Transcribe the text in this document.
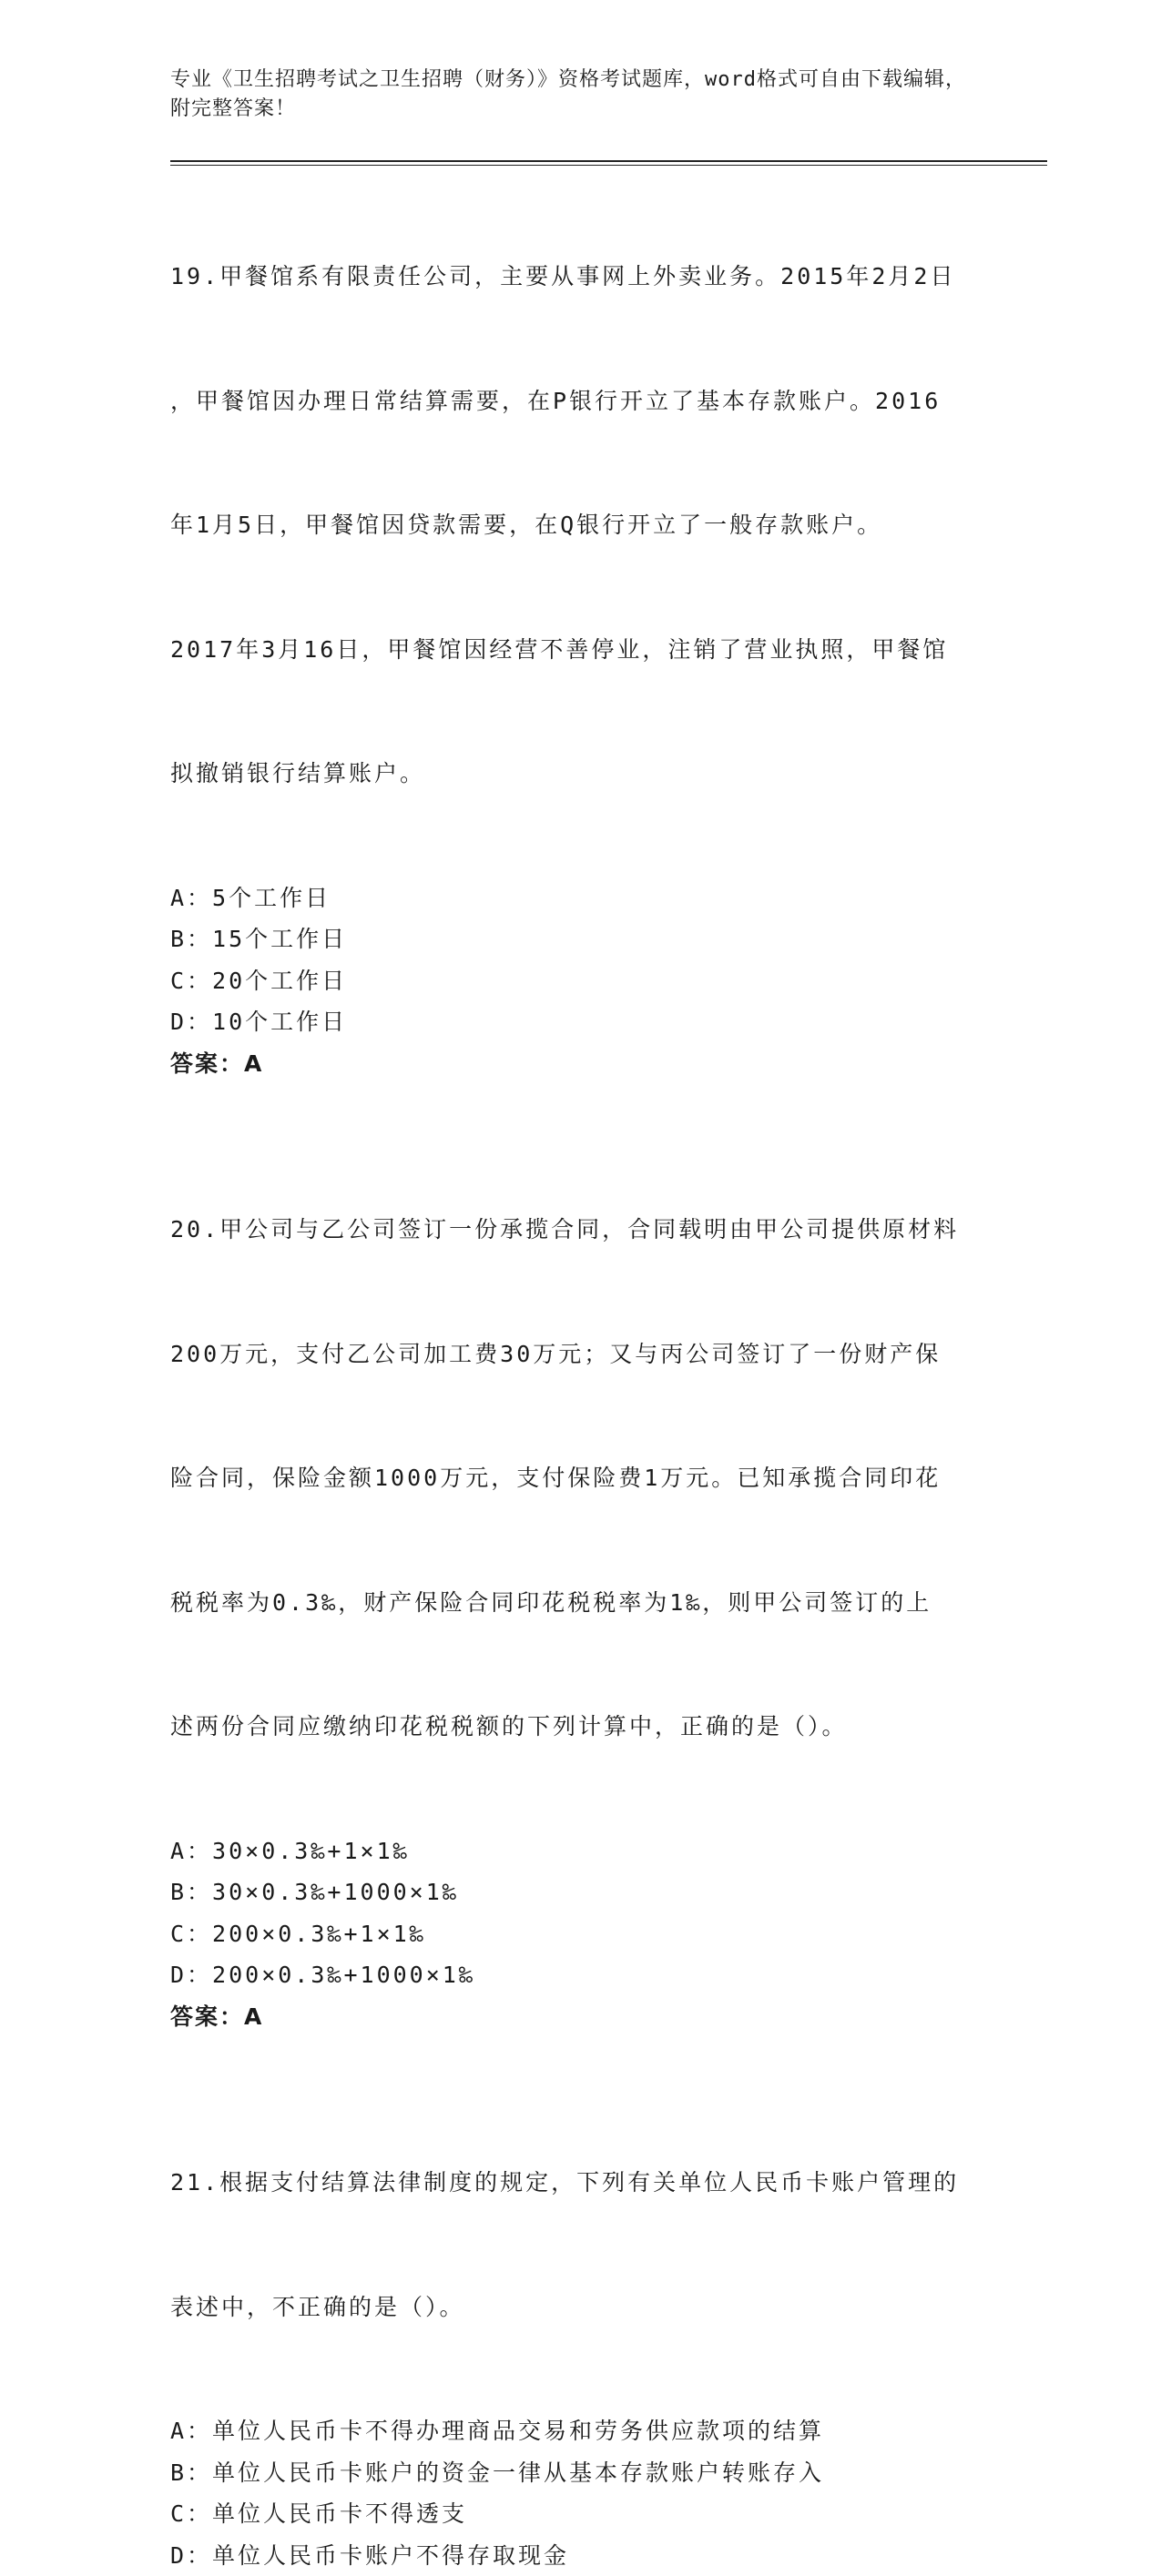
专业《卫生招聘考试之卫生招聘（财务）》资格考试题库，word格式可自由下载编辑，附完整答案！

19.甲餐馆系有限责任公司，主要从事网上外卖业务。2015年2月2日

，甲餐馆因办理日常结算需要，在P银行开立了基本存款账户。2016

年1月5日，甲餐馆因贷款需要，在Q银行开立了一般存款账户。

2017年3月16日，甲餐馆因经营不善停业，注销了营业执照，甲餐馆

拟撤销银行结算账户。

A：5个工作日
B：15个工作日
C：20个工作日
D：10个工作日
答案：A

20.甲公司与乙公司签订一份承揽合同，合同载明由甲公司提供原材料

200万元，支付乙公司加工费30万元；又与丙公司签订了一份财产保

险合同，保险金额1000万元，支付保险费1万元。已知承揽合同印花

税税率为0.3‰，财产保险合同印花税税率为1‰，则甲公司签订的上

述两份合同应缴纳印花税税额的下列计算中，正确的是（）。

A：30×0.3‰+1×1‰
B：30×0.3‰+1000×1‰
C：200×0.3‰+1×1‰
D：200×0.3‰+1000×1‰
答案：A

21.根据支付结算法律制度的规定，下列有关单位人民币卡账户管理的

表述中，不正确的是（）。

A：单位人民币卡不得办理商品交易和劳务供应款项的结算
B：单位人民币卡账户的资金一律从基本存款账户转账存入
C：单位人民币卡不得透支
D：单位人民币卡账户不得存取现金
